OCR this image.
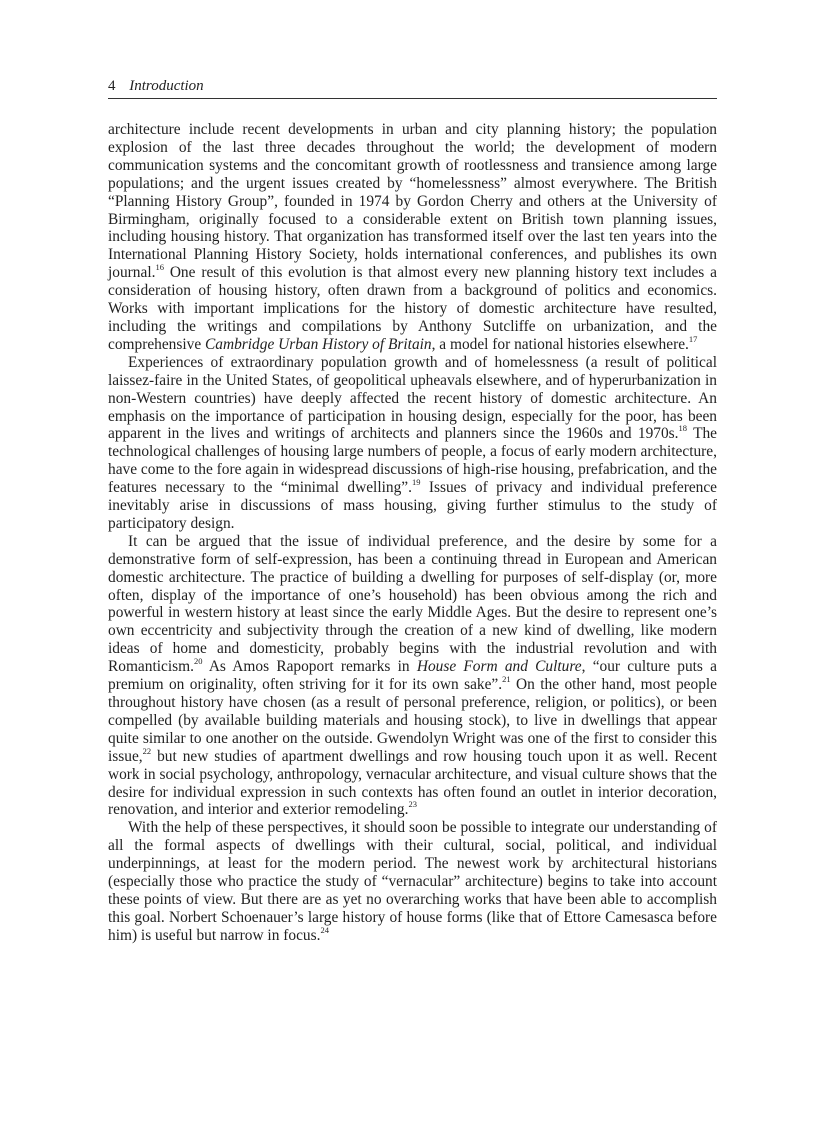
4 Introduction

architecture include recent developments in urban and city planning history; the population explosion of the last three decades throughout the world; the development of modern communication systems and the concomitant growth of rootlessness and transience among large populations; and the urgent issues created by “homelessness” almost everywhere. The British “Planning History Group”, founded in 1974 by Gordon Cherry and others at the University of Birmingham, originally focused to a considerable extent on British town planning issues, including housing history. That organization has transformed itself over the last ten years into the International Planning History Society, holds international conferences, and publishes its own journal.$^{16}$ One result of this evolution is that almost every new planning history text includes a consideration of housing history, often drawn from a background of politics and economics. Works with important implications for the history of domestic architecture have resulted, including the writings and compilations by Anthony Sutcliffe on urbanization, and the comprehensive Cambridge Urban History of Britain, a model for national histories elsewhere.$^{17}$

Experiences of extraordinary population growth and of homelessness (a result of political laissez-faire in the United States, of geopolitical upheavals elsewhere, and of hyperurbanization in non-Western countries) have deeply affected the recent history of domestic architecture. An emphasis on the importance of participation in housing design, especially for the poor, has been apparent in the lives and writings of architects and planners since the 1960s and 1970s.$^{18}$ The technological challenges of housing large numbers of people, a focus of early modern architecture, have come to the fore again in widespread discussions of high-rise housing, prefabrication, and the features necessary to the “minimal dwelling”.$^{19}$ Issues of privacy and individual preference inevitably arise in discussions of mass housing, giving further stimulus to the study of participatory design.

It can be argued that the issue of individual preference, and the desire by some for a demonstrative form of self-expression, has been a continuing thread in European and American domestic architecture. The practice of building a dwelling for purposes of self-display (or, more often, display of the importance of one’s household) has been obvious among the rich and powerful in western history at least since the early Middle Ages. But the desire to represent one’s own eccentricity and subjectivity through the creation of a new kind of dwelling, like modern ideas of home and domesticity, probably begins with the industrial revolution and with Romanticism.$^{20}$ As Amos Rapoport remarks in House Form and Culture, “our culture puts a premium on originality, often striving for it for its own sake”.$^{21}$ On the other hand, most people throughout history have chosen (as a result of personal preference, religion, or politics), or been compelled (by available building materials and housing stock), to live in dwellings that appear quite similar to one another on the outside. Gwendolyn Wright was one of the first to consider this issue,$^{22}$ but new studies of apartment dwellings and row housing touch upon it as well. Recent work in social psychology, anthropology, vernacular architecture, and visual culture shows that the desire for individual expression in such contexts has often found an outlet in interior decoration, renovation, and interior and exterior remodeling.$^{23}$

With the help of these perspectives, it should soon be possible to integrate our understanding of all the formal aspects of dwellings with their cultural, social, political, and individual underpinnings, at least for the modern period. The newest work by architectural historians (especially those who practice the study of “vernacular” architecture) begins to take into account these points of view. But there are as yet no overarching works that have been able to accomplish this goal. Norbert Schoenauer’s large history of house forms (like that of Ettore Camesasca before him) is useful but narrow in focus.$^{24}$
